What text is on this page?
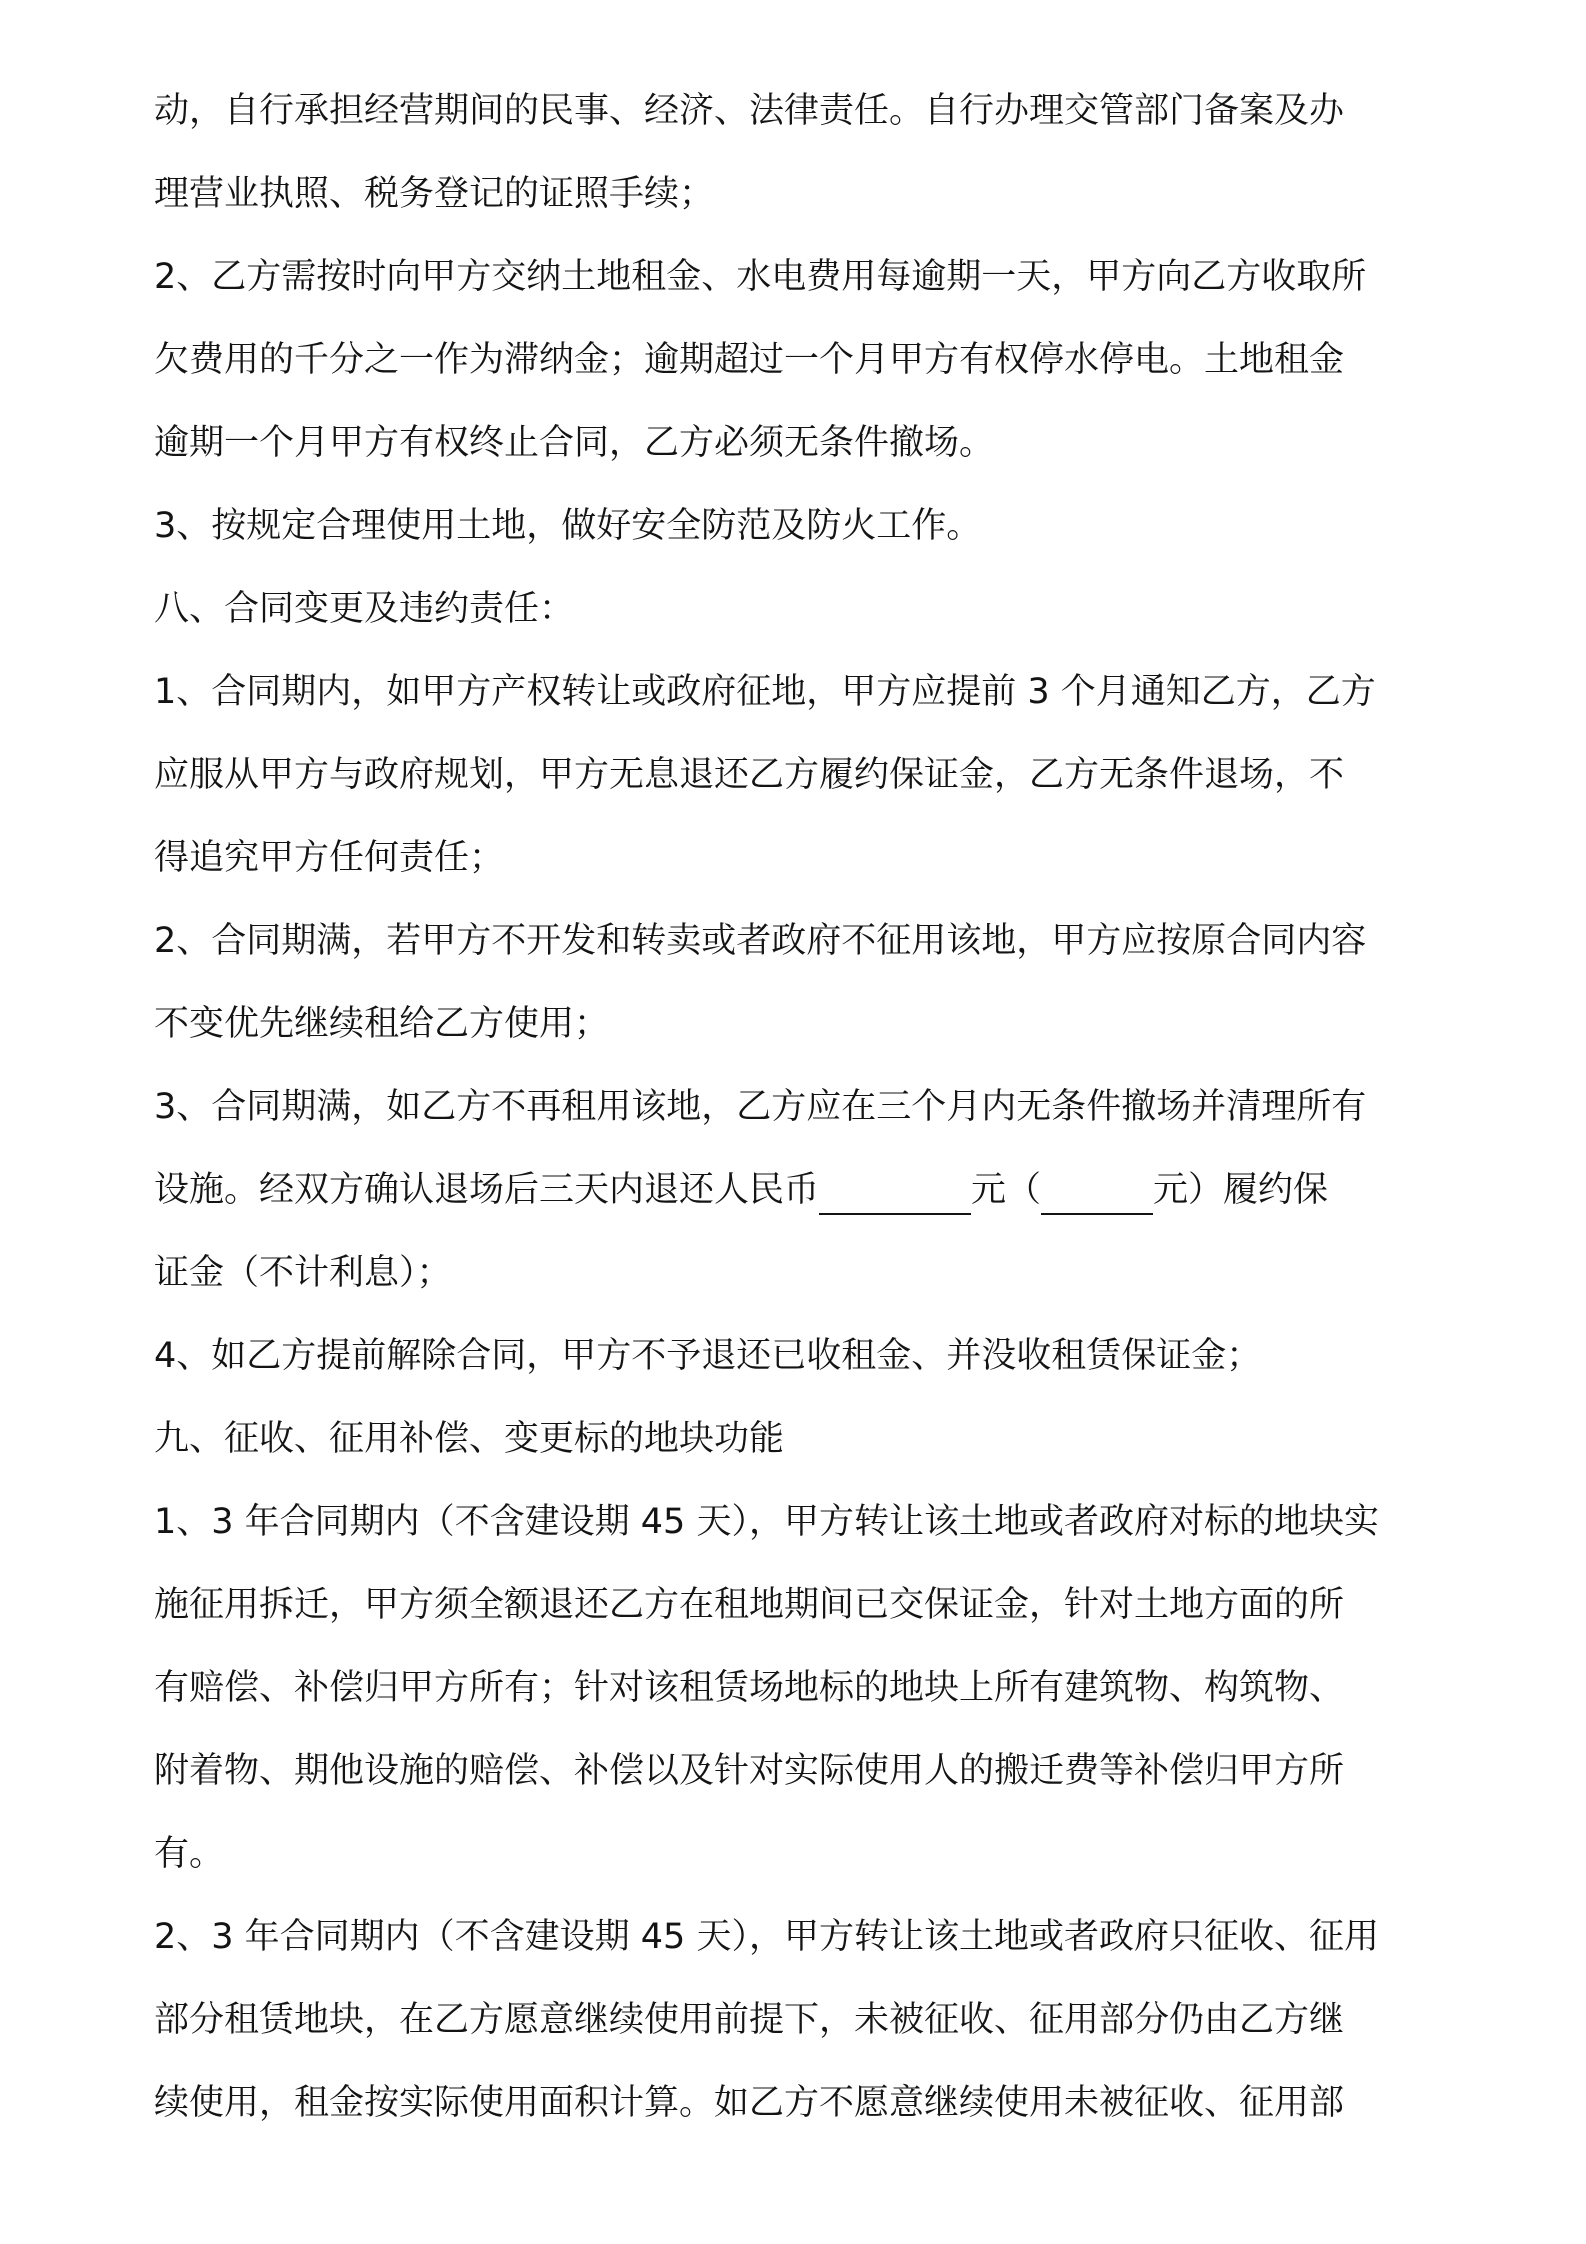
动，自行承担经营期间的民事、经济、法律责任。自行办理交管部门备案及办
理营业执照、税务登记的证照手续；
2、乙方需按时向甲方交纳土地租金、水电费用每逾期一天，甲方向乙方收取所
欠费用的千分之一作为滞纳金；逾期超过一个月甲方有权停水停电。土地租金
逾期一个月甲方有权终止合同，乙方必须无条件撤场。
3、按规定合理使用土地，做好安全防范及防火工作。
八、合同变更及违约责任：
1、合同期内，如甲方产权转让或政府征地，甲方应提前 3 个月通知乙方，乙方
应服从甲方与政府规划，甲方无息退还乙方履约保证金，乙方无条件退场，不
得追究甲方任何责任；
2、合同期满，若甲方不开发和转卖或者政府不征用该地，甲方应按原合同内容
不变优先继续租给乙方使用；
3、合同期满，如乙方不再租用该地，乙方应在三个月内无条件撤场并清理所有
设施。经双方确认退场后三天内退还人民币	元（	元）履约保
证金（不计利息）；
4、如乙方提前解除合同，甲方不予退还已收租金、并没收租赁保证金；
九、征收、征用补偿、变更标的地块功能
1、3 年合同期内（不含建设期 45 天），甲方转让该土地或者政府对标的地块实
施征用拆迁，甲方须全额退还乙方在租地期间已交保证金，针对土地方面的所
有赔偿、补偿归甲方所有；针对该租赁场地标的地块上所有建筑物、构筑物、
附着物、期他设施的赔偿、补偿以及针对实际使用人的搬迁费等补偿归甲方所
有。
2、3 年合同期内（不含建设期 45 天），甲方转让该土地或者政府只征收、征用
部分租赁地块，在乙方愿意继续使用前提下，未被征收、征用部分仍由乙方继
续使用，租金按实际使用面积计算。如乙方不愿意继续使用未被征收、征用部
